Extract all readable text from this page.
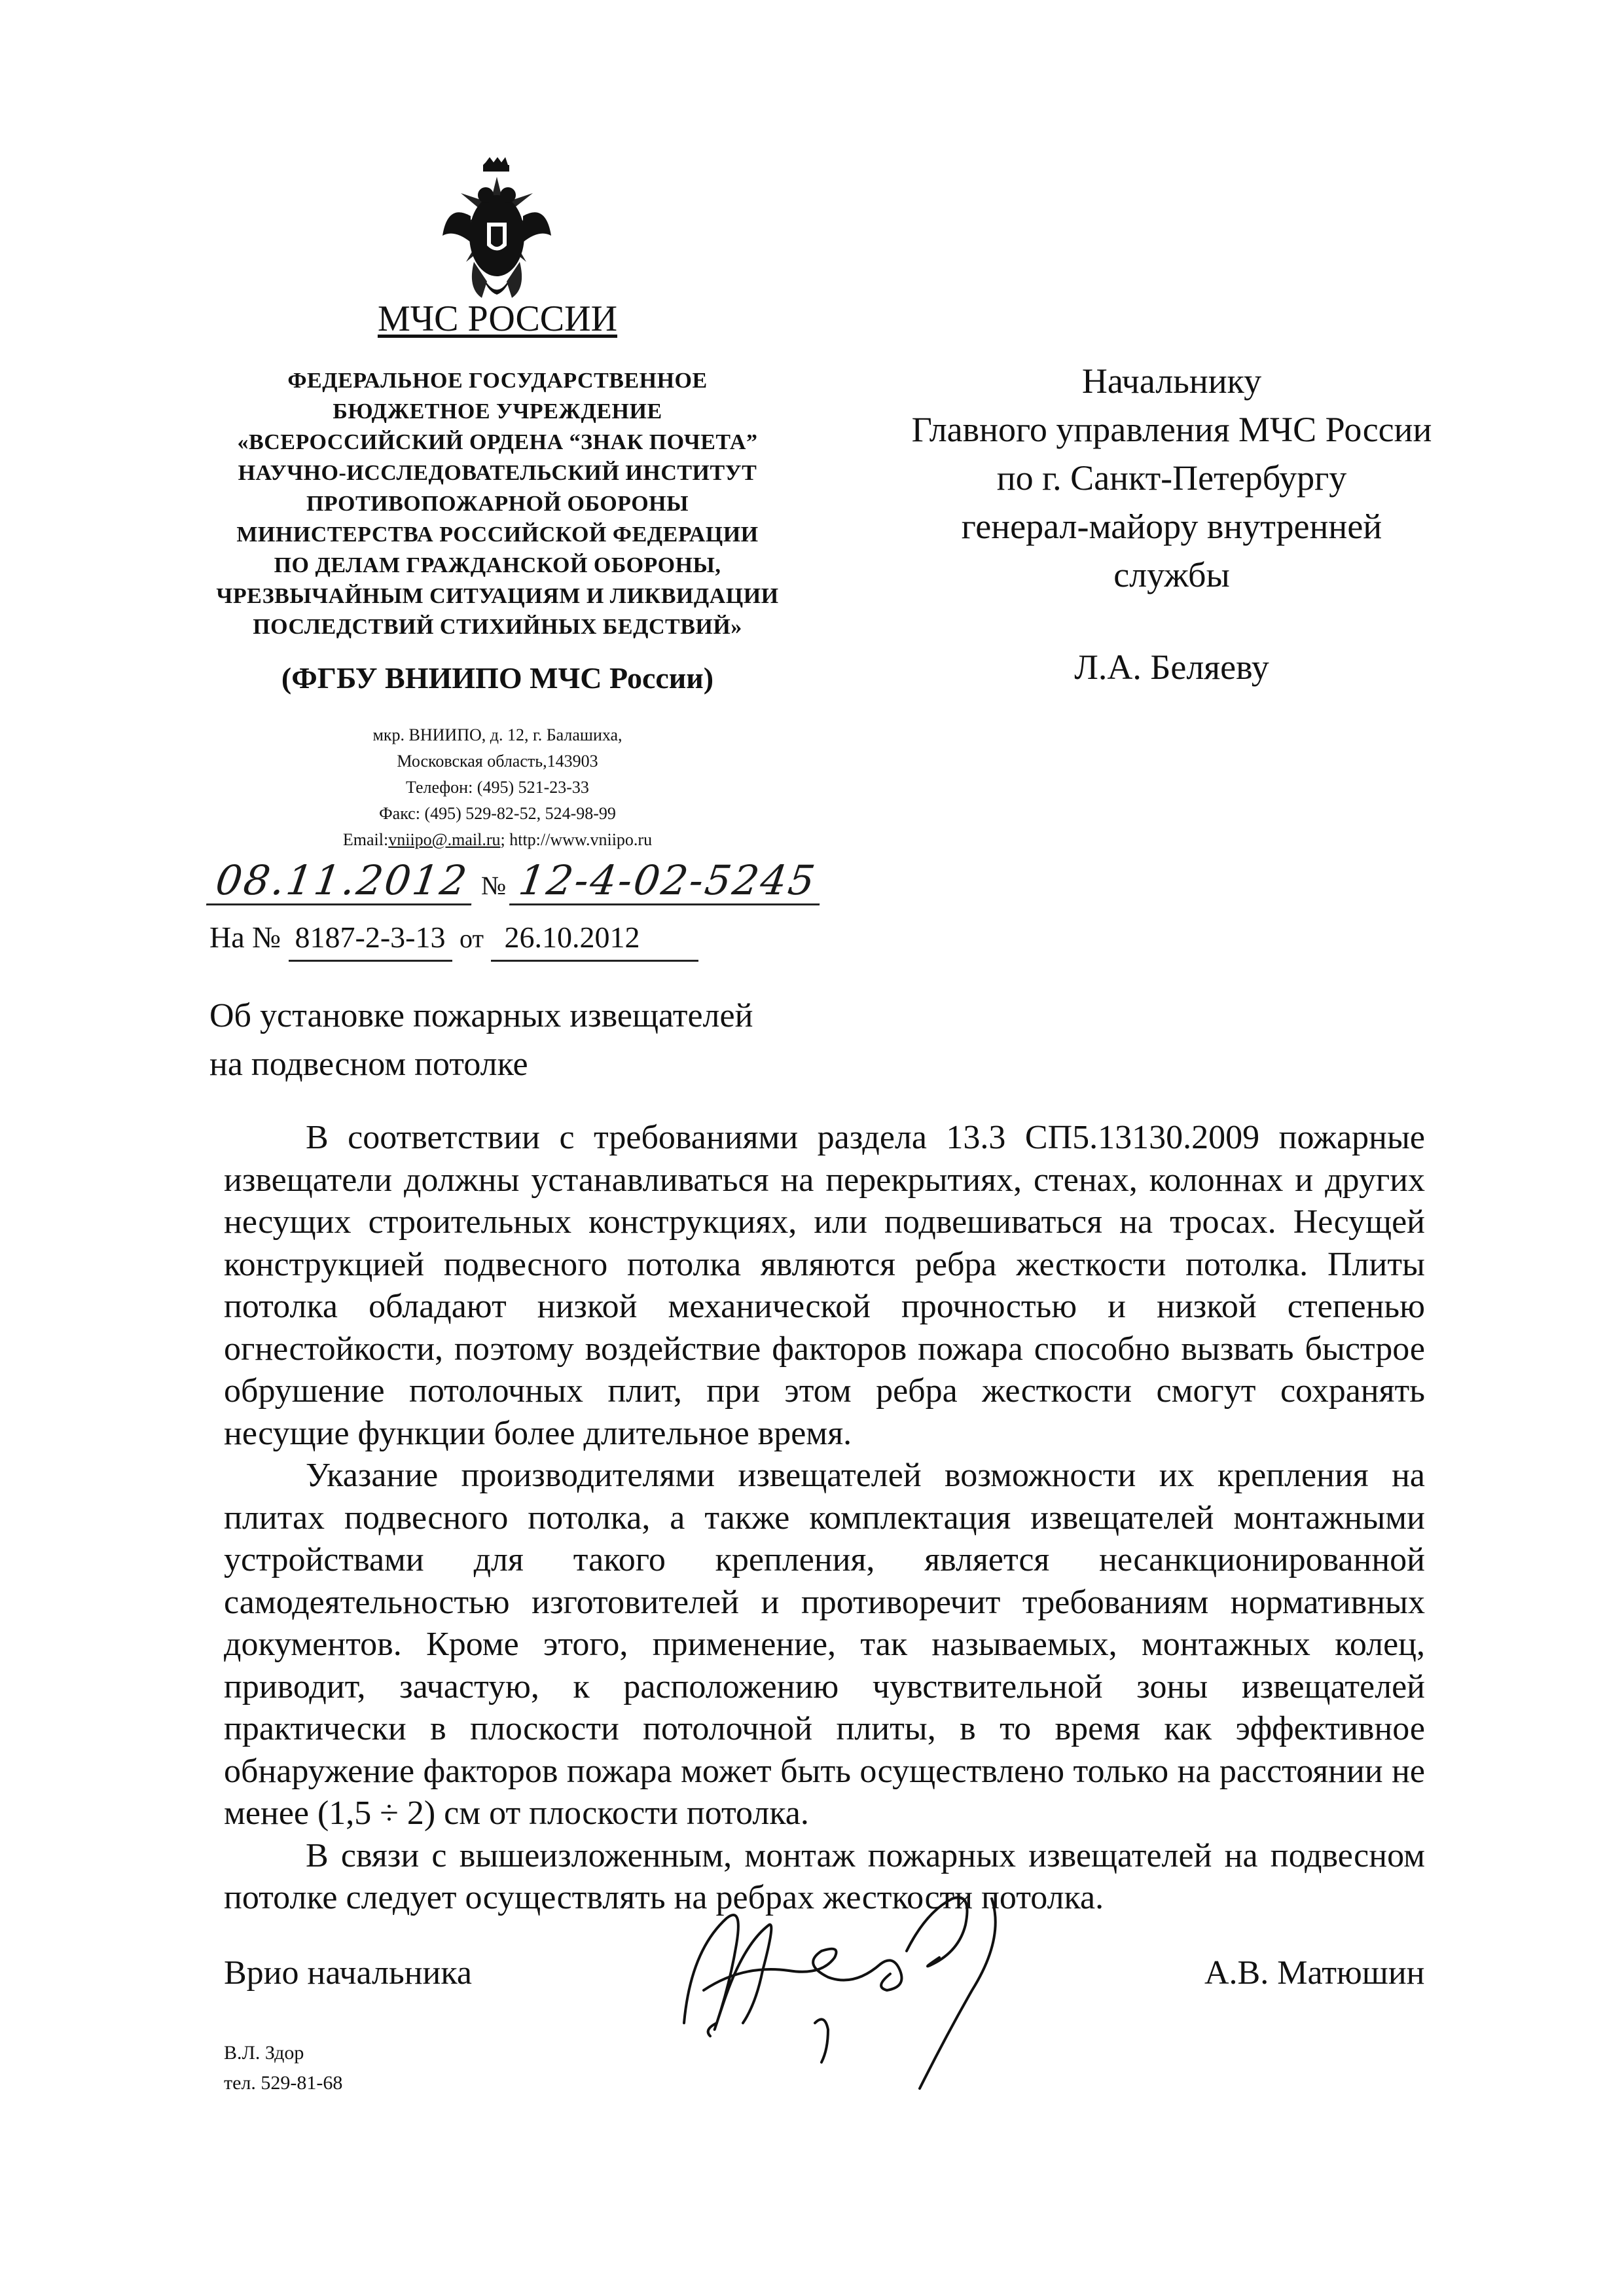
МЧС РОССИИ
ФЕДЕРАЛЬНОЕ ГОСУДАРСТВЕННОЕ
БЮДЖЕТНОЕ УЧРЕЖДЕНИЕ
«ВСЕРОССИЙСКИЙ ОРДЕНА “ЗНАК ПОЧЕТА”
НАУЧНО-ИССЛЕДОВАТЕЛЬСКИЙ ИНСТИТУТ
ПРОТИВОПОЖАРНОЙ ОБОРОНЫ
МИНИСТЕРСТВА РОССИЙСКОЙ ФЕДЕРАЦИИ
ПО ДЕЛАМ ГРАЖДАНСКОЙ ОБОРОНЫ,
ЧРЕЗВЫЧАЙНЫМ СИТУАЦИЯМ И ЛИКВИДАЦИИ
ПОСЛЕДСТВИЙ СТИХИЙНЫХ БЕДСТВИЙ»
(ФГБУ ВНИИПО МЧС России)
мкр. ВНИИПО, д. 12, г. Балашиха,
Московская область,143903
Телефон: (495) 521-23-33
Факс: (495) 529-82-52, 524-98-99
Email:vniipo@.mail.ru; http://www.vniipo.ru
Начальнику
Главного управления МЧС России
по г. Санкт-Петербургу
генерал-майору внутренней
службы
Л.А. Беляеву
08.11.2012 № 12-4-02-5245
На № 8187-2-3-13 от 26.10.2012
Об установке пожарных извещателей
на подвесном потолке

В соответствии с требованиями раздела 13.3 СП5.13130.2009 пожарные извещатели должны устанавливаться на перекрытиях, стенах, колоннах и других несущих строительных конструкциях, или подвешиваться на тросах. Несущей конструкцией подвесного потолка являются ребра жесткости потолка. Плиты потолка обладают низкой механической прочностью и низкой степенью огнестойкости, поэтому воздействие факторов пожара способно вызвать быстрое обрушение потолочных плит, при этом ребра жесткости смогут сохранять несущие функции более длительное время.

Указание производителями извещателей возможности их крепления на плитах подвесного потолка, а также комплектация извещателей монтажными устройствами для такого крепления, является несанкционированной самодеятельностью изготовителей и противоречит требованиям нормативных документов. Кроме этого, применение, так называемых, монтажных колец, приводит, зачастую, к расположению чувствительной зоны извещателей практически в плоскости потолочной плиты, в то время как эффективное обнаружение факторов пожара может быть осуществлено только на расстоянии не менее (1,5 ÷ 2) см от плоскости потолка.

В связи с вышеизложенным, монтаж пожарных извещателей на подвесном потолке следует осуществлять на ребрах жесткости потолка.

Врио начальника	А.В. Матюшин
В.Л. Здор
тел. 529-81-68
